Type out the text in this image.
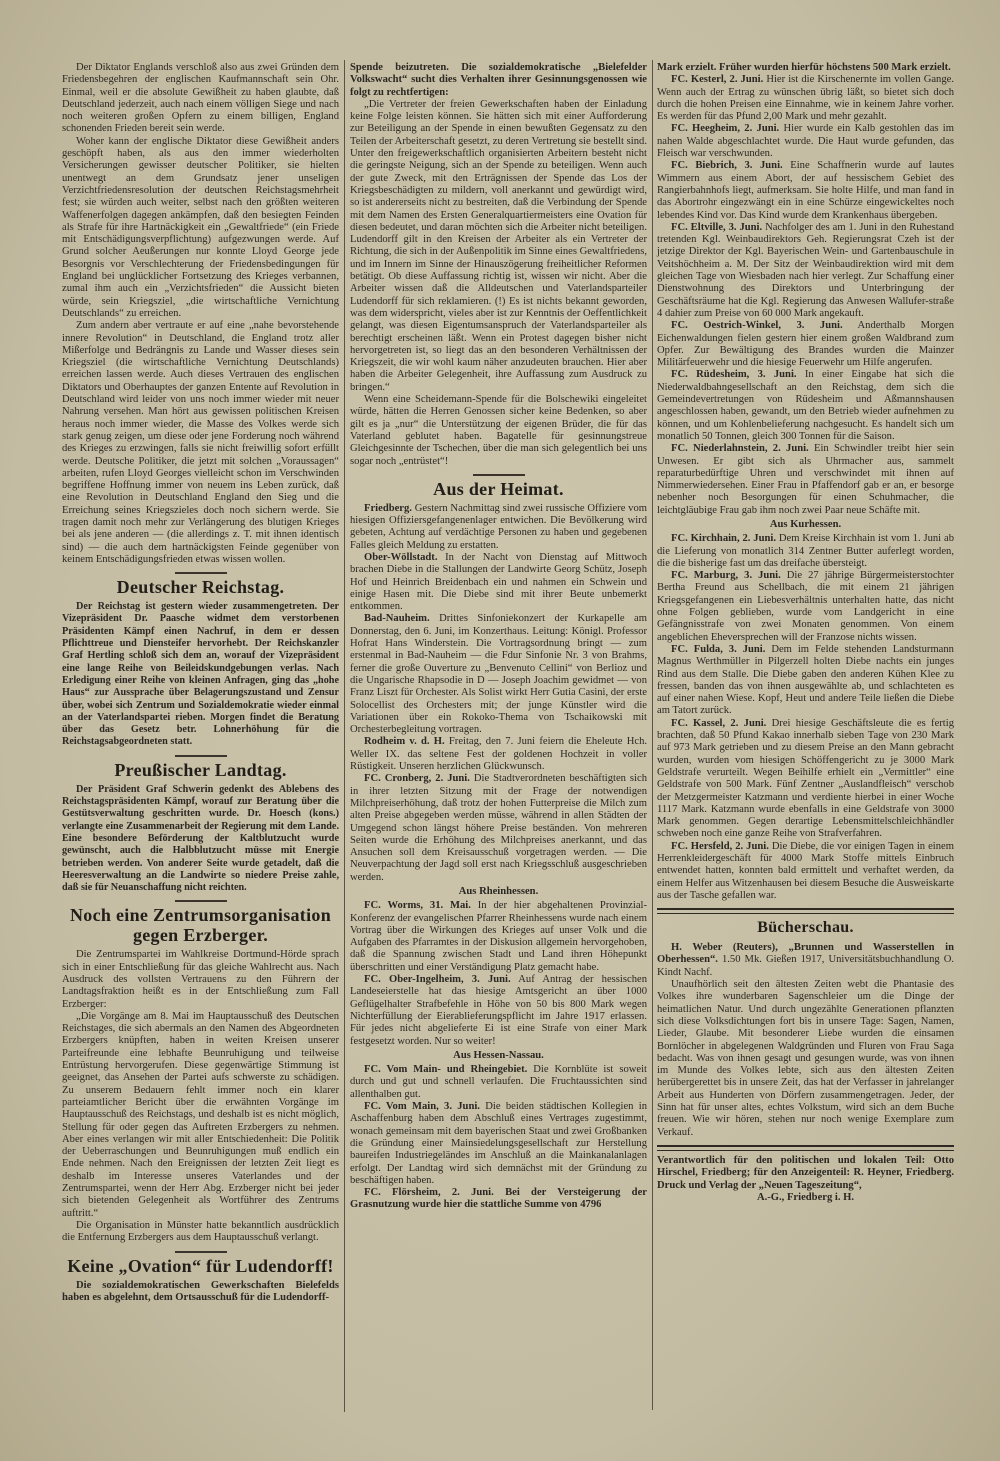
Der Diktator Englands verschloß also aus zwei Gründen dem Friedensbegehren der englischen Kaufmannschaft sein Ohr. Einmal, weil er die absolute Gewißheit zu haben glaubte, daß Deutschland jederzeit, auch nach einem völligen Siege und nach noch weiteren großen Opfern zu einem billigen, England schonenden Frieden bereit sein werde.

Woher kann der englische Diktator diese Gewißheit anders geschöpft haben, als aus den immer wiederholten Versicherungen gewisser deutscher Politiker, sie hielten unentwegt an dem Grundsatz jener unseligen Verzichtfriedensresolution der deutschen Reichstagsmehrheit fest; sie würden auch weiter, selbst nach den größten weiteren Waffenerfolgen dagegen ankämpfen, daß den besiegten Feinden als Strafe für ihre Hartnäckigkeit ein „Gewaltfriede“ (ein Friede mit Entschädigungsverpflichtung) aufgezwungen werde. Auf Grund solcher Aeußerungen nur konnte Lloyd George jede Besorgnis vor Verschlechterung der Friedensbedingungen für England bei unglücklicher Fortsetzung des Krieges verbannen, zumal ihm auch ein „Verzichtsfrieden“ die Aussicht bieten würde, sein Kriegsziel, „die wirtschaftliche Vernichtung Deutschlands“ zu erreichen.

Zum andern aber vertraute er auf eine „nahe bevorstehende innere Revolution“ in Deutschland, die England trotz aller Mißerfolge und Bedrängnis zu Lande und Wasser dieses sein Kriegsziel (die wirtschaftliche Vernichtung Deutschlands) erreichen lassen werde. Auch dieses Vertrauen des englischen Diktators und Oberhauptes der ganzen Entente auf Revolution in Deutschland wird leider von uns noch immer wieder mit neuer Nahrung versehen. Man hört aus gewissen politischen Kreisen heraus noch immer wieder, die Masse des Volkes werde sich stark genug zeigen, um diese oder jene Forderung noch während des Krieges zu erzwingen, falls sie nicht freiwillig sofort erfüllt werde. Deutsche Politiker, die jetzt mit solchen „Voraussagen“ arbeiten, rufen Lloyd Georges vielleicht schon im Verschwinden begriffene Hoffnung immer von neuem ins Leben zurück, daß eine Revolution in Deutschland England den Sieg und die Erreichung seines Kriegszieles doch noch sichern werde. Sie tragen damit noch mehr zur Verlängerung des blutigen Krieges bei als jene anderen — (die allerdings z. T. mit ihnen identisch sind) — die auch dem hartnäckigsten Feinde gegenüber von keinem Entschädigungsfrieden etwas wissen wollen.

Deutscher Reichstag.

Der Reichstag ist gestern wieder zusammengetreten. Der Vizepräsident Dr. Paasche widmet dem verstorbenen Präsidenten Kämpf einen Nachruf, in dem er dessen Pflichttreue und Diensteifer hervorhebt. Der Reichskanzler Graf Hertling schloß sich dem an, worauf der Vizepräsident eine lange Reihe von Beileidskundgebungen verlas. Nach Erledigung einer Reihe von kleinen Anfragen, ging das „hohe Haus“ zur Aussprache über Belagerungszustand und Zensur über, wobei sich Zentrum und Sozialdemokratie wieder einmal an der Vaterlandspartei rieben. Morgen findet die Beratung über das Gesetz betr. Lohnerhöhung für die Reichstagsabgeordneten statt.

Preußischer Landtag.

Der Präsident Graf Schwerin gedenkt des Ablebens des Reichstagspräsidenten Kämpf, worauf zur Beratung über die Gestütsverwaltung geschritten wurde. Dr. Hoesch (kons.) verlangte eine Zusammenarbeit der Regierung mit dem Lande. Eine besondere Beförderung der Kaltblutzucht wurde gewünscht, auch die Halbblutzucht müsse mit Energie betrieben werden. Von anderer Seite wurde getadelt, daß die Heeresverwaltung an die Landwirte so niedere Preise zahle, daß sie für Neuanschaffung nicht reichten.

Noch eine Zentrumsorganisation gegen Erzberger.

Die Zentrumspartei im Wahlkreise Dortmund-Hörde sprach sich in einer Entschließung für das gleiche Wahlrecht aus. Nach Ausdruck des vollsten Vertrauens zu den Führern der Landtagsfraktion heißt es in der Entschließung zum Fall Erzberger:

„Die Vorgänge am 8. Mai im Hauptausschuß des Deutschen Reichstages, die sich abermals an den Namen des Abgeordneten Erzbergers knüpften, haben in weiten Kreisen unserer Parteifreunde eine lebhafte Beunruhigung und teilweise Entrüstung hervorgerufen. Diese gegenwärtige Stimmung ist geeignet, das Ansehen der Partei aufs schwerste zu schädigen. Zu unserem Bedauern fehlt immer noch ein klarer parteiamtlicher Bericht über die erwähnten Vorgänge im Hauptausschuß des Reichstags, und deshalb ist es nicht möglich, Stellung für oder gegen das Auftreten Erzbergers zu nehmen. Aber eines verlangen wir mit aller Entschiedenheit: Die Politik der Ueberraschungen und Beunruhigungen muß endlich ein Ende nehmen. Nach den Ereignissen der letzten Zeit liegt es deshalb im Interesse unseres Vaterlandes und der Zentrumspartei, wenn der Herr Abg. Erzberger nicht bei jeder sich bietenden Gelegenheit als Wortführer des Zentrums auftritt.“

Die Organisation in Münster hatte bekanntlich ausdrücklich die Entfernung Erzbergers aus dem Hauptausschuß verlangt.

Keine „Ovation“ für Ludendorff!

Die sozialdemokratischen Gewerkschaften Bielefelds haben es abgelehnt, dem Ortsausschuß für die Ludendorff-

Spende beizutreten. Die sozialdemokratische „Bielefelder Volkswacht“ sucht dies Verhalten ihrer Gesinnungsgenossen wie folgt zu rechtfertigen:

„Die Vertreter der freien Gewerkschaften haben der Einladung keine Folge leisten können. Sie hätten sich mit einer Aufforderung zur Beteiligung an der Spende in einen bewußten Gegensatz zu den Teilen der Arbeiterschaft gesetzt, zu deren Vertretung sie bestellt sind. Unter den freigewerkschaftlich organisierten Arbeitern besteht nicht die geringste Neigung, sich an der Spende zu beteiligen. Wenn auch der gute Zweck, mit den Erträgnissen der Spende das Los der Kriegsbeschädigten zu mildern, voll anerkannt und gewürdigt wird, so ist andererseits nicht zu bestreiten, daß die Verbindung der Spende mit dem Namen des Ersten Generalquartiermeisters eine Ovation für diesen bedeutet, und daran möchten sich die Arbeiter nicht beteiligen. Ludendorff gilt in den Kreisen der Arbeiter als ein Vertreter der Richtung, die sich in der Außenpolitik im Sinne eines Gewaltfriedens, und im Innern im Sinne der Hinauszögerung freiheitlicher Reformen betätigt. Ob diese Auffassung richtig ist, wissen wir nicht. Aber die Arbeiter wissen daß die Alldeutschen und Vaterlandsparteiler Ludendorff für sich reklamieren. (!) Es ist nichts bekannt geworden, was dem widerspricht, vieles aber ist zur Kenntnis der Oeffentlichkeit gelangt, was diesen Eigentumsanspruch der Vaterlandsparteiler als berechtigt erscheinen läßt. Wenn ein Protest dagegen bisher nicht hervorgetreten ist, so liegt das an den besonderen Verhältnissen der Kriegszeit, die wir wohl kaum näher anzudeuten brauchen. Hier aber haben die Arbeiter Gelegenheit, ihre Auffassung zum Ausdruck zu bringen.“

Wenn eine Scheidemann-Spende für die Bolschewiki eingeleitet würde, hätten die Herren Genossen sicher keine Bedenken, so aber gilt es ja „nur“ die Unterstützung der eigenen Brüder, die für das Vaterland geblutet haben. Bagatelle für gesinnungstreue Gleichgesinnte der Tschechen, über die man sich gelegentlich bei uns sogar noch „entrüstet“!

Aus der Heimat.

Friedberg. Gestern Nachmittag sind zwei russische Offiziere vom hiesigen Offiziersgefangenenlager entwichen. Die Bevölkerung wird gebeten, Achtung auf verdächtige Personen zu haben und gegebenen Falles gleich Meldung zu erstatten.

Ober-Wöllstadt. In der Nacht von Dienstag auf Mittwoch brachen Diebe in die Stallungen der Landwirte Georg Schütz, Joseph Hof und Heinrich Breidenbach ein und nahmen ein Schwein und einige Hasen mit. Die Diebe sind mit ihrer Beute unbemerkt entkommen.

Bad-Nauheim. Drittes Sinfoniekonzert der Kurkapelle am Donnerstag, den 6. Juni, im Konzerthaus. Leitung: Königl. Professor Hofrat Hans Winderstein. Die Vortragsordnung bringt — zum erstenmal in Bad-Nauheim — die Fdur Sinfonie Nr. 3 von Brahms, ferner die große Ouverture zu „Benvenuto Cellini“ von Berlioz und die Ungarische Rhapsodie in D — Joseph Joachim gewidmet — von Franz Liszt für Orchester. Als Solist wirkt Herr Gutia Casini, der erste Solocellist des Orchesters mit; der junge Künstler wird die Variationen über ein Rokoko-Thema von Tschaikowski mit Orchesterbegleitung vortragen.

Rodheim v. d. H. Freitag, den 7. Juni feiern die Eheleute Hch. Weller IX. das seltene Fest der goldenen Hochzeit in voller Rüstigkeit. Unseren herzlichen Glückwunsch.

FC. Cronberg, 2. Juni. Die Stadtverordneten beschäftigten sich in ihrer letzten Sitzung mit der Frage der notwendigen Milchpreiserhöhung, daß trotz der hohen Futterpreise die Milch zum alten Preise abgegeben werden müsse, während in allen Städten der Umgegend schon längst höhere Preise beständen. Von mehreren Seiten wurde die Erhöhung des Milchpreises anerkannt, und das Ansuchen soll dem Kreisausschuß vorgetragen werden. — Die Neuverpachtung der Jagd soll erst nach Kriegsschluß ausgeschrieben werden.

Aus Rheinhessen.

FC. Worms, 31. Mai. In der hier abgehaltenen Provinzial-Konferenz der evangelischen Pfarrer Rheinhessens wurde nach einem Vortrag über die Wirkungen des Krieges auf unser Volk und die Aufgaben des Pfarramtes in der Diskusion allgemein hervorgehoben, daß die Spannung zwischen Stadt und Land ihren Höhepunkt überschritten und einer Verständigung Platz gemacht habe.

FC. Ober-Ingelheim, 3. Juni. Auf Antrag der hessischen Landeseierstelle hat das hiesige Amtsgericht an über 1000 Geflügelhalter Strafbefehle in Höhe von 50 bis 800 Mark wegen Nichterfüllung der Eierablieferungspflicht im Jahre 1917 erlassen. Für jedes nicht abgelieferte Ei ist eine Strafe von einer Mark festgesetzt worden. Nur so weiter!

Aus Hessen-Nassau.

FC. Vom Main- und Rheingebiet. Die Kornblüte ist soweit durch und gut und schnell verlaufen. Die Fruchtaussichten sind allenthalben gut.

FC. Vom Main, 3. Juni. Die beiden städtischen Kollegien in Aschaffenburg haben dem Abschluß eines Vertrages zugestimmt, wonach gemeinsam mit dem bayerischen Staat und zwei Großbanken die Gründung einer Mainsiedelungsgesellschaft zur Herstellung baureifen Industriegeländes im Anschluß an die Mainkanalanlagen erfolgt. Der Landtag wird sich demnächst mit der Gründung zu beschäftigen haben.

FC. Flörsheim, 2. Juni. Bei der Versteigerung der Grasnutzung wurde hier die stattliche Summe von 4796

Mark erzielt. Früher wurden hierfür höchstens 500 Mark erzielt.

FC. Kesterl, 2. Juni. Hier ist die Kirschenernte im vollen Gange. Wenn auch der Ertrag zu wünschen übrig läßt, so bietet sich doch durch die hohen Preisen eine Einnahme, wie in keinem Jahre vorher. Es werden für das Pfund 2,00 Mark und mehr gezahlt.

FC. Heegheim, 2. Juni. Hier wurde ein Kalb gestohlen das im nahen Walde abgeschlachtet wurde. Die Haut wurde gefunden, das Fleisch war verschwunden.

FC. Biebrich, 3. Juni. Eine Schaffnerin wurde auf lautes Wimmern aus einem Abort, der auf hessischem Gebiet des Rangierbahnhofs liegt, aufmerksam. Sie holte Hilfe, und man fand in das Abortrohr eingezwängt ein in eine Schürze eingewickeltes noch lebendes Kind vor. Das Kind wurde dem Krankenhaus übergeben.

FC. Eltville, 3. Juni. Nachfolger des am 1. Juni in den Ruhestand tretenden Kgl. Weinbaudirektors Geh. Regierungsrat Czeh ist der jetzige Direktor der Kgl. Bayerischen Wein- und Gartenbauschule in Veitshöchheim a. M. Der Sitz der Weinbaudirektion wird mit dem gleichen Tage von Wiesbaden nach hier verlegt. Zur Schaffung einer Dienstwohnung des Direktors und Unterbringung der Geschäftsräume hat die Kgl. Regierung das Anwesen Wallufer-straße 4 dahier zum Preise von 60 000 Mark angekauft.

FC. Oestrich-Winkel, 3. Juni. Anderthalb Morgen Eichenwaldungen fielen gestern hier einem großen Waldbrand zum Opfer. Zur Bewältigung des Brandes wurden die Mainzer Militärfeuerwehr und die hiesige Feuerwehr um Hilfe angerufen.

FC. Rüdesheim, 3. Juni. In einer Eingabe hat sich die Niederwaldbahngesellschaft an den Reichstag, dem sich die Gemeindevertretungen von Rüdesheim und Aßmannshausen angeschlossen haben, gewandt, um den Betrieb wieder aufnehmen zu können, und um Kohlenbelieferung nachgesucht. Es handelt sich um monatlich 50 Tonnen, gleich 300 Tonnen für die Saison.

FC. Niederlahnstein, 2. Juni. Ein Schwindler treibt hier sein Unwesen. Er gibt sich als Uhrmacher aus, sammelt reparaturbedürftige Uhren und verschwindet mit ihnen auf Nimmerwiedersehen. Einer Frau in Pfaffendorf gab er an, er besorge nebenher noch Besorgungen für einen Schuhmacher, die leichtgläubige Frau gab ihm noch zwei Paar neue Schäfte mit.

Aus Kurhessen.

FC. Kirchhain, 2. Juni. Dem Kreise Kirchhain ist vom 1. Juni ab die Lieferung von monatlich 314 Zentner Butter auferlegt worden, die die bisherige fast um das dreifache übersteigt.

FC. Marburg, 3. Juni. Die 27 jährige Bürgermeisterstochter Bertha Freund aus Schellbach, die mit einem 21 jährigen Kriegsgefangenen ein Liebesverhältnis unterhalten hatte, das nicht ohne Folgen geblieben, wurde vom Landgericht in eine Gefängnisstrafe von zwei Monaten genommen. Von einem angeblichen Eheversprechen will der Franzose nichts wissen.

FC. Fulda, 3. Juni. Dem im Felde stehenden Landsturmann Magnus Werthmüller in Pilgerzell holten Diebe nachts ein junges Rind aus dem Stalle. Die Diebe gaben den anderen Kühen Klee zu fressen, banden das von ihnen ausgewählte ab, und schlachteten es auf einer nahen Wiese. Kopf, Heut und andere Teile ließen die Diebe am Tatort zurück.

FC. Kassel, 2. Juni. Drei hiesige Geschäftsleute die es fertig brachten, daß 50 Pfund Kakao innerhalb sieben Tage von 230 Mark auf 973 Mark getrieben und zu diesem Preise an den Mann gebracht wurden, wurden vom hiesigen Schöffengericht zu je 3000 Mark Geldstrafe verurteilt. Wegen Beihilfe erhielt ein „Vermittler“ eine Geldstrafe von 500 Mark. Fünf Zentner „Auslandfleisch“ verschob der Metzgermeister Katzmann und verdiente hierbei in einer Woche 1117 Mark. Katzmann wurde ebenfalls in eine Geldstrafe von 3000 Mark genommen. Gegen derartige Lebensmittelschleichhändler schweben noch eine ganze Reihe von Strafverfahren.

FC. Hersfeld, 2. Juni. Die Diebe, die vor einigen Tagen in einem Herrenkleidergeschäft für 4000 Mark Stoffe mittels Einbruch entwendet hatten, konnten bald ermittelt und verhaftet werden, da einem Helfer aus Witzenhausen bei diesem Besuche die Ausweiskarte aus der Tasche gefallen war.

Bücherschau.

H. Weber (Reuters), „Brunnen und Wasserstellen in Oberhessen“. 1.50 Mk. Gießen 1917, Universitätsbuchhandlung O. Kindt Nachf.

Unaufhörlich seit den ältesten Zeiten webt die Phantasie des Volkes ihre wunderbaren Sagenschleier um die Dinge der heimatlichen Natur. Und durch ungezählte Generationen pflanzten sich diese Volksdichtungen fort bis in unsere Tage: Sagen, Namen, Lieder, Glaube. Mit besonderer Liebe wurden die einsamen Bornlöcher in abgelegenen Waldgründen und Fluren von Frau Saga bedacht. Was von ihnen gesagt und gesungen wurde, was von ihnen im Munde des Volkes lebte, sich aus den ältesten Zeiten herübergerettet bis in unsere Zeit, das hat der Verfasser in jahrelanger Arbeit aus Hunderten von Dörfern zusammengetragen. Jeder, der Sinn hat für unser altes, echtes Volkstum, wird sich an dem Buche freuen. Wie wir hören, stehen nur noch wenige Exemplare zum Verkauf.

Verantwortlich für den politischen und lokalen Teil: Otto Hirschel, Friedberg; für den Anzeigenteil: R. Heyner, Friedberg. Druck und Verlag der „Neuen Tageszeitung“,
A.-G., Friedberg i. H.
